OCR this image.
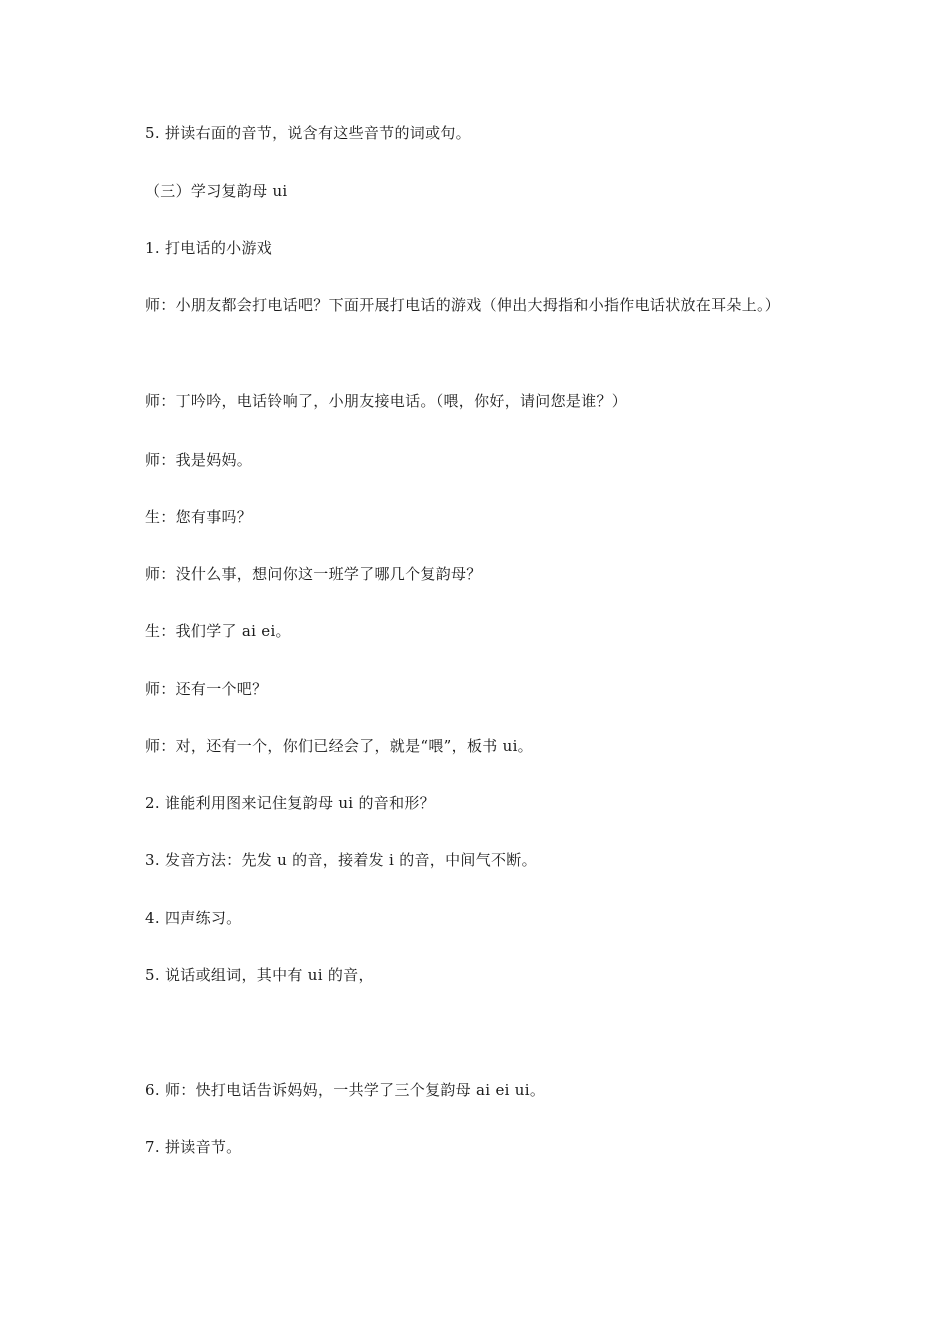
5. 拼读右面的音节，说含有这些音节的词或句。
（三）学习复韵母 ui
1. 打电话的小游戏
师：小朋友都会打电话吧？下面开展打电话的游戏（伸出大拇指和小指作电话状放在耳朵上。）
师：丁吟吟，电话铃响了，小朋友接电话。（喂，你好，请问您是谁？）
师：我是妈妈。
生：您有事吗？
师：没什么事，想问你这一班学了哪几个复韵母？
生：我们学了 ai ei。
师：还有一个吧？
师：对，还有一个，你们已经会了，就是“喂”，板书 ui。
2. 谁能利用图来记住复韵母 ui 的音和形？
3. 发音方法：先发 u 的音，接着发 i 的音，中间气不断。
4. 四声练习。
5. 说话或组词，其中有 ui 的音，
6. 师：快打电话告诉妈妈，一共学了三个复韵母 ai ei ui。
7. 拼读音节。
